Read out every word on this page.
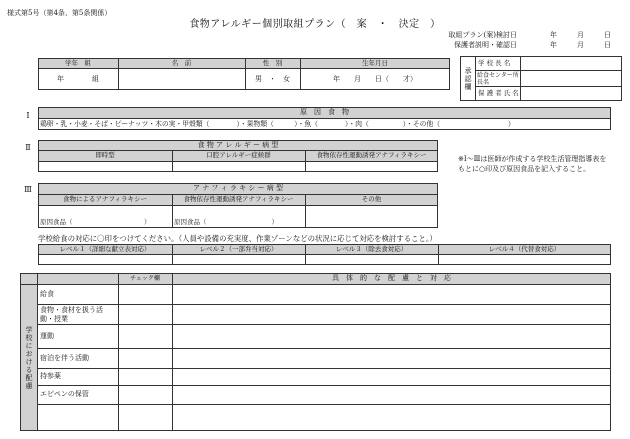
様式第5号（第4条、第5条関係）
食物アレルギー個別取組プラン（　案　・　決定　）
取組プラン(案)検討日	年	月	日
保護者説明・確認日	年	月	日
学年　組	名　前	性　別	生年月日
年　　　　組	男　・　女	年　　月　　日（　　才）	承認欄
学 校 長 名
給食センター所長名
保 護 者 氏 名
Ⅰ	原　因　食　物
鶏卵・乳・小麦・そば・ピーナッツ・木の実・甲殻類（　　　　）・果物類（　　　）・魚（　　　　）・肉（　　　　　）・その他（　　　　　　　　　　）
Ⅱ	食 物 ア レ ル ギ ー 病 型
即時型	口腔アレルギー症候群	食物依存性運動誘発アナフィラキシー	※Ⅰ～Ⅲは医師が作成する学校生活管理指導表をもとに○印及び原因食品を記入すること。
Ⅲ	ア ナ フ ィ ラ キ シ ー 病 型
食物によるアナフィラキシー	食物依存性運動誘発アナフィラキシー	その他
原因食品（　　　　　　　　　　　）	原因食品（　　　　　　　　　　）
学校給食の対応に〇印をつけてください。（人員や設備の充実度、作業ゾーンなどの状況に応じて対応を検討すること。）
レベル１（詳細な献立表対応）	レベル２（一部弁当対応）	レベル３（除去食対応）	レベル４（代替食対応）
チェック欄	具　体　的　な　配　慮　と　対　応
学校における配慮
給食
食物・食材を扱う活動・授業
運動
宿泊を伴う活動
持参薬
エピペンの保管
